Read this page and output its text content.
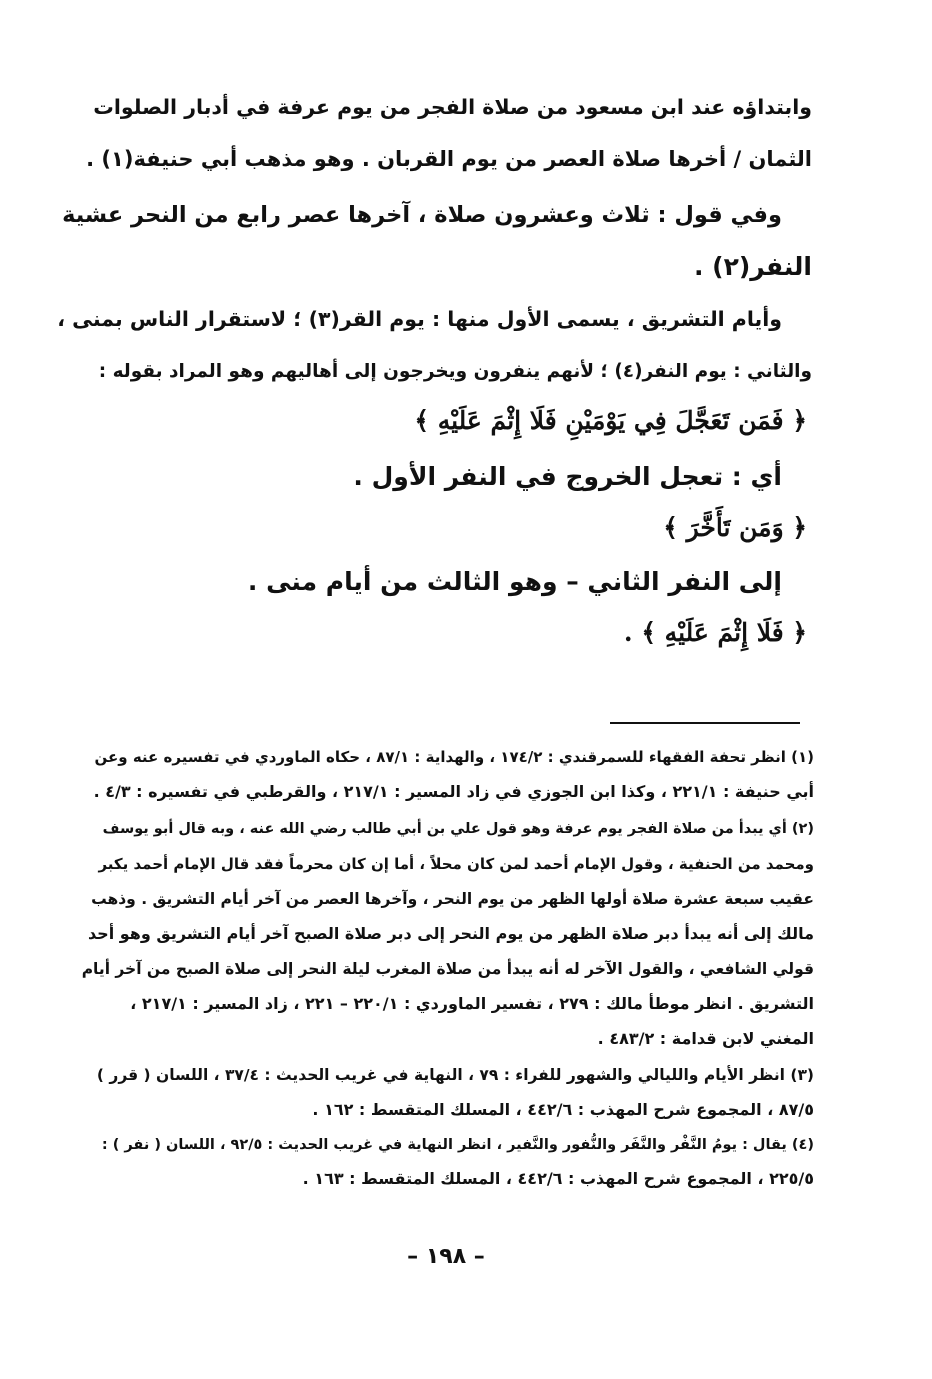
وابتداؤه عند ابن مسعود من صلاة الفجر من يوم عرفة في أدبار الصلوات
الثمان / أخرها صلاة العصر من يوم القربان . وهو مذهب أبي حنيفة(١) .
وفي قول : ثلاث وعشرون صلاة ، آخرها عصر رابع من النحر عشية
النفر(٢) .
وأيام التشريق ، يسمى الأول منها : يوم القر(٣) ؛ لاستقرار الناس بمنى ،
والثاني : يوم النفر(٤) ؛ لأنهم ينفرون ويخرجون إلى أهاليهم وهو المراد بقوله :
﴿ فَمَن تَعَجَّلَ فِي يَوْمَيْنِ فَلَا إِثْمَ عَلَيْهِ ﴾
أي : تعجل الخروج في النفر الأول .
﴿ وَمَن تَأَخَّرَ ﴾
إلى النفر الثاني – وهو الثالث من أيام منى .
﴿ فَلَا إِثْمَ عَلَيْهِ ﴾ .
(١) انظر تحفة الفقهاء للسمرقندي : ١٧٤/٢ ، والهداية : ٨٧/١ ، حكاه الماوردي في تفسيره عنه وعن
أبي حنيفة : ٢٢١/١ ، وكذا ابن الجوزي في زاد المسير : ٢١٧/١ ، والقرطبي في تفسيره : ٤/٣ .
(٢) أي يبدأ من صلاة الفجر يوم عرفة وهو قول علي بن أبي طالب رضي الله عنه ، وبه قال أبو يوسف
ومحمد من الحنفية ، وقول الإمام أحمد لمن كان محلاً ، أما إن كان محرماً فقد قال الإمام أحمد يكبر
عقيب سبعة عشرة صلاة أولها الظهر من يوم النحر ، وآخرها العصر من آخر أيام التشريق . وذهب
مالك إلى أنه يبدأ دبر صلاة الظهر من يوم النحر إلى دبر صلاة الصبح آخر أيام التشريق وهو أحد
قولي الشافعي ، والقول الآخر له أنه يبدأ من صلاة المغرب ليلة النحر إلى صلاة الصبح من آخر أيام
التشريق . انظر موطأ مالك : ٢٧٩ ، تفسير الماوردي : ٢٢٠/١ – ٢٢١ ، زاد المسير : ٢١٧/١ ،
المغني لابن قدامة : ٤٨٣/٢ .
(٣) انظر الأيام والليالي والشهور للفراء : ٧٩ ، النهاية في غريب الحديث : ٣٧/٤ ، اللسان ( قرر )
٨٧/٥ ، المجموع شرح المهذب : ٤٤٢/٦ ، المسلك المتقسط : ١٦٢ .
(٤) يقال : يومُ النَّفْر والنَّفَر والنُّفور والنَّفير ، انظر النهاية في غريب الحديث : ٩٢/٥ ، اللسان ( نفر ) :
٢٢٥/٥ ، المجموع شرح المهذب : ٤٤٢/٦ ، المسلك المتقسط : ١٦٣ .
– ١٩٨ –
